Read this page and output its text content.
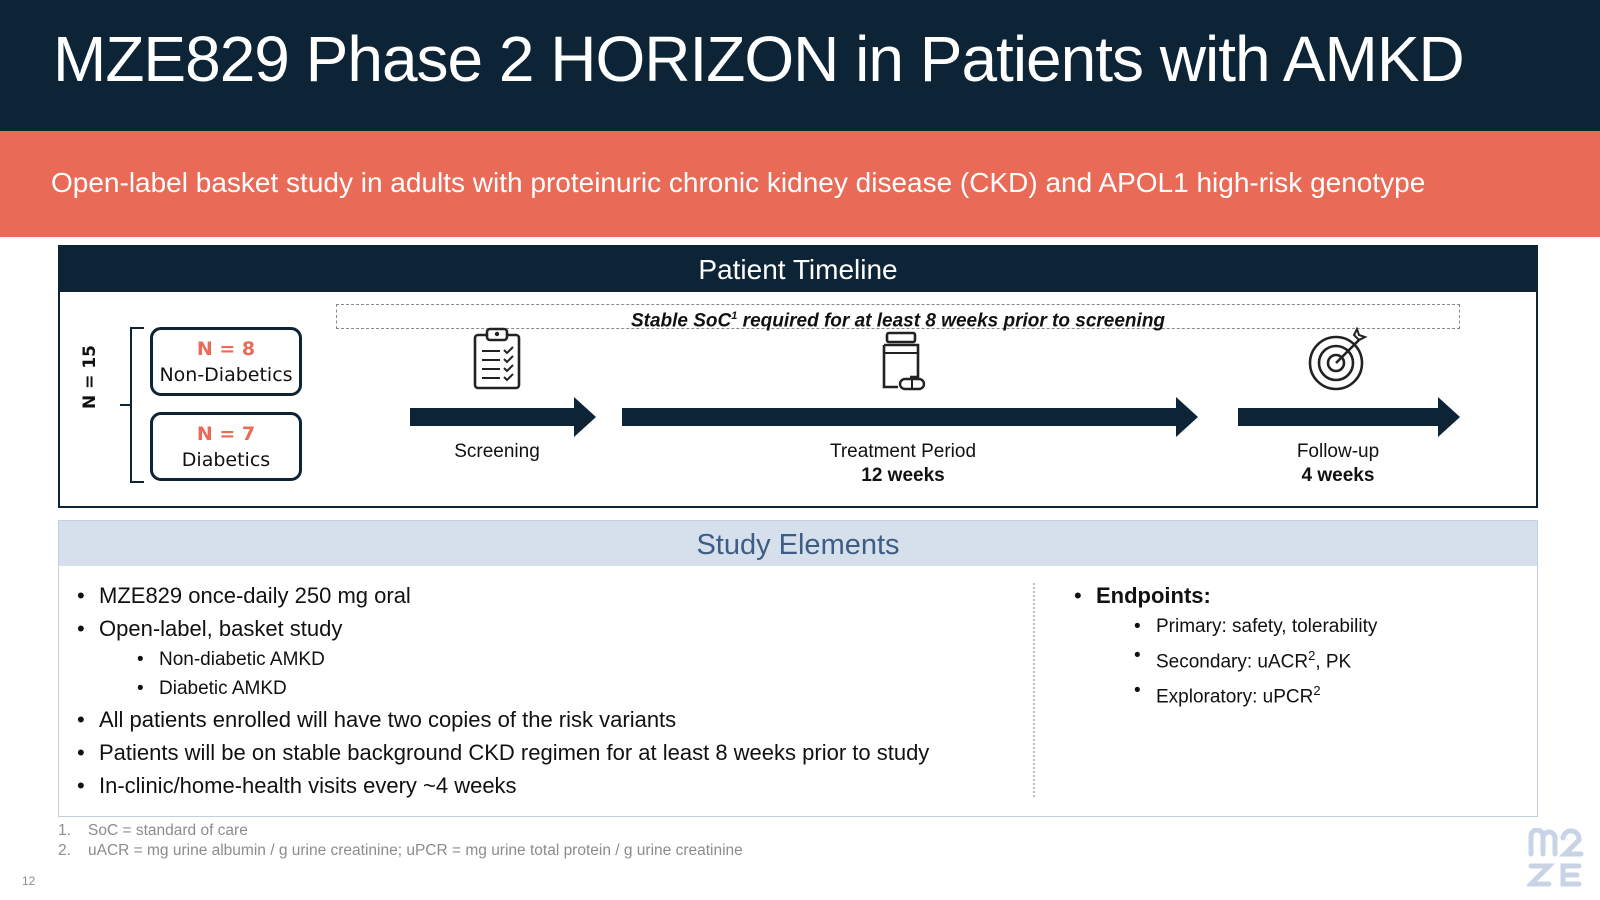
MZE829 Phase 2 HORIZON in Patients with AMKD

Open-label basket study in adults with proteinuric chronic kidney disease (CKD) and APOL1 high-risk genotype

Patient Timeline
Stable SoC$^1$ required for at least 8 weeks prior to screening
N = 15	N = 8
Non-Diabetics
N = 7
Diabetics	Screening	Treatment Period
12 weeks
Follow-up
4 weeks
Study Elements
• MZE829 once-daily 250 mg oral
• Open-label, basket study
• Non-diabetic AMKD
• Diabetic AMKD
• All patients enrolled will have two copies of the risk variants
• Patients will be on stable background CKD regimen for at least 8 weeks prior to study
• In-clinic/home-health visits every ~4 weeks
• Endpoints:
• Primary: safety, tolerability
• Secondary: uACR$^2$, PK
• Exploratory: uPCR$^2$
1. SoC = standard of care
2. uACR = mg urine albumin / g urine creatinine; uPCR = mg urine total protein / g urine creatinine
12
